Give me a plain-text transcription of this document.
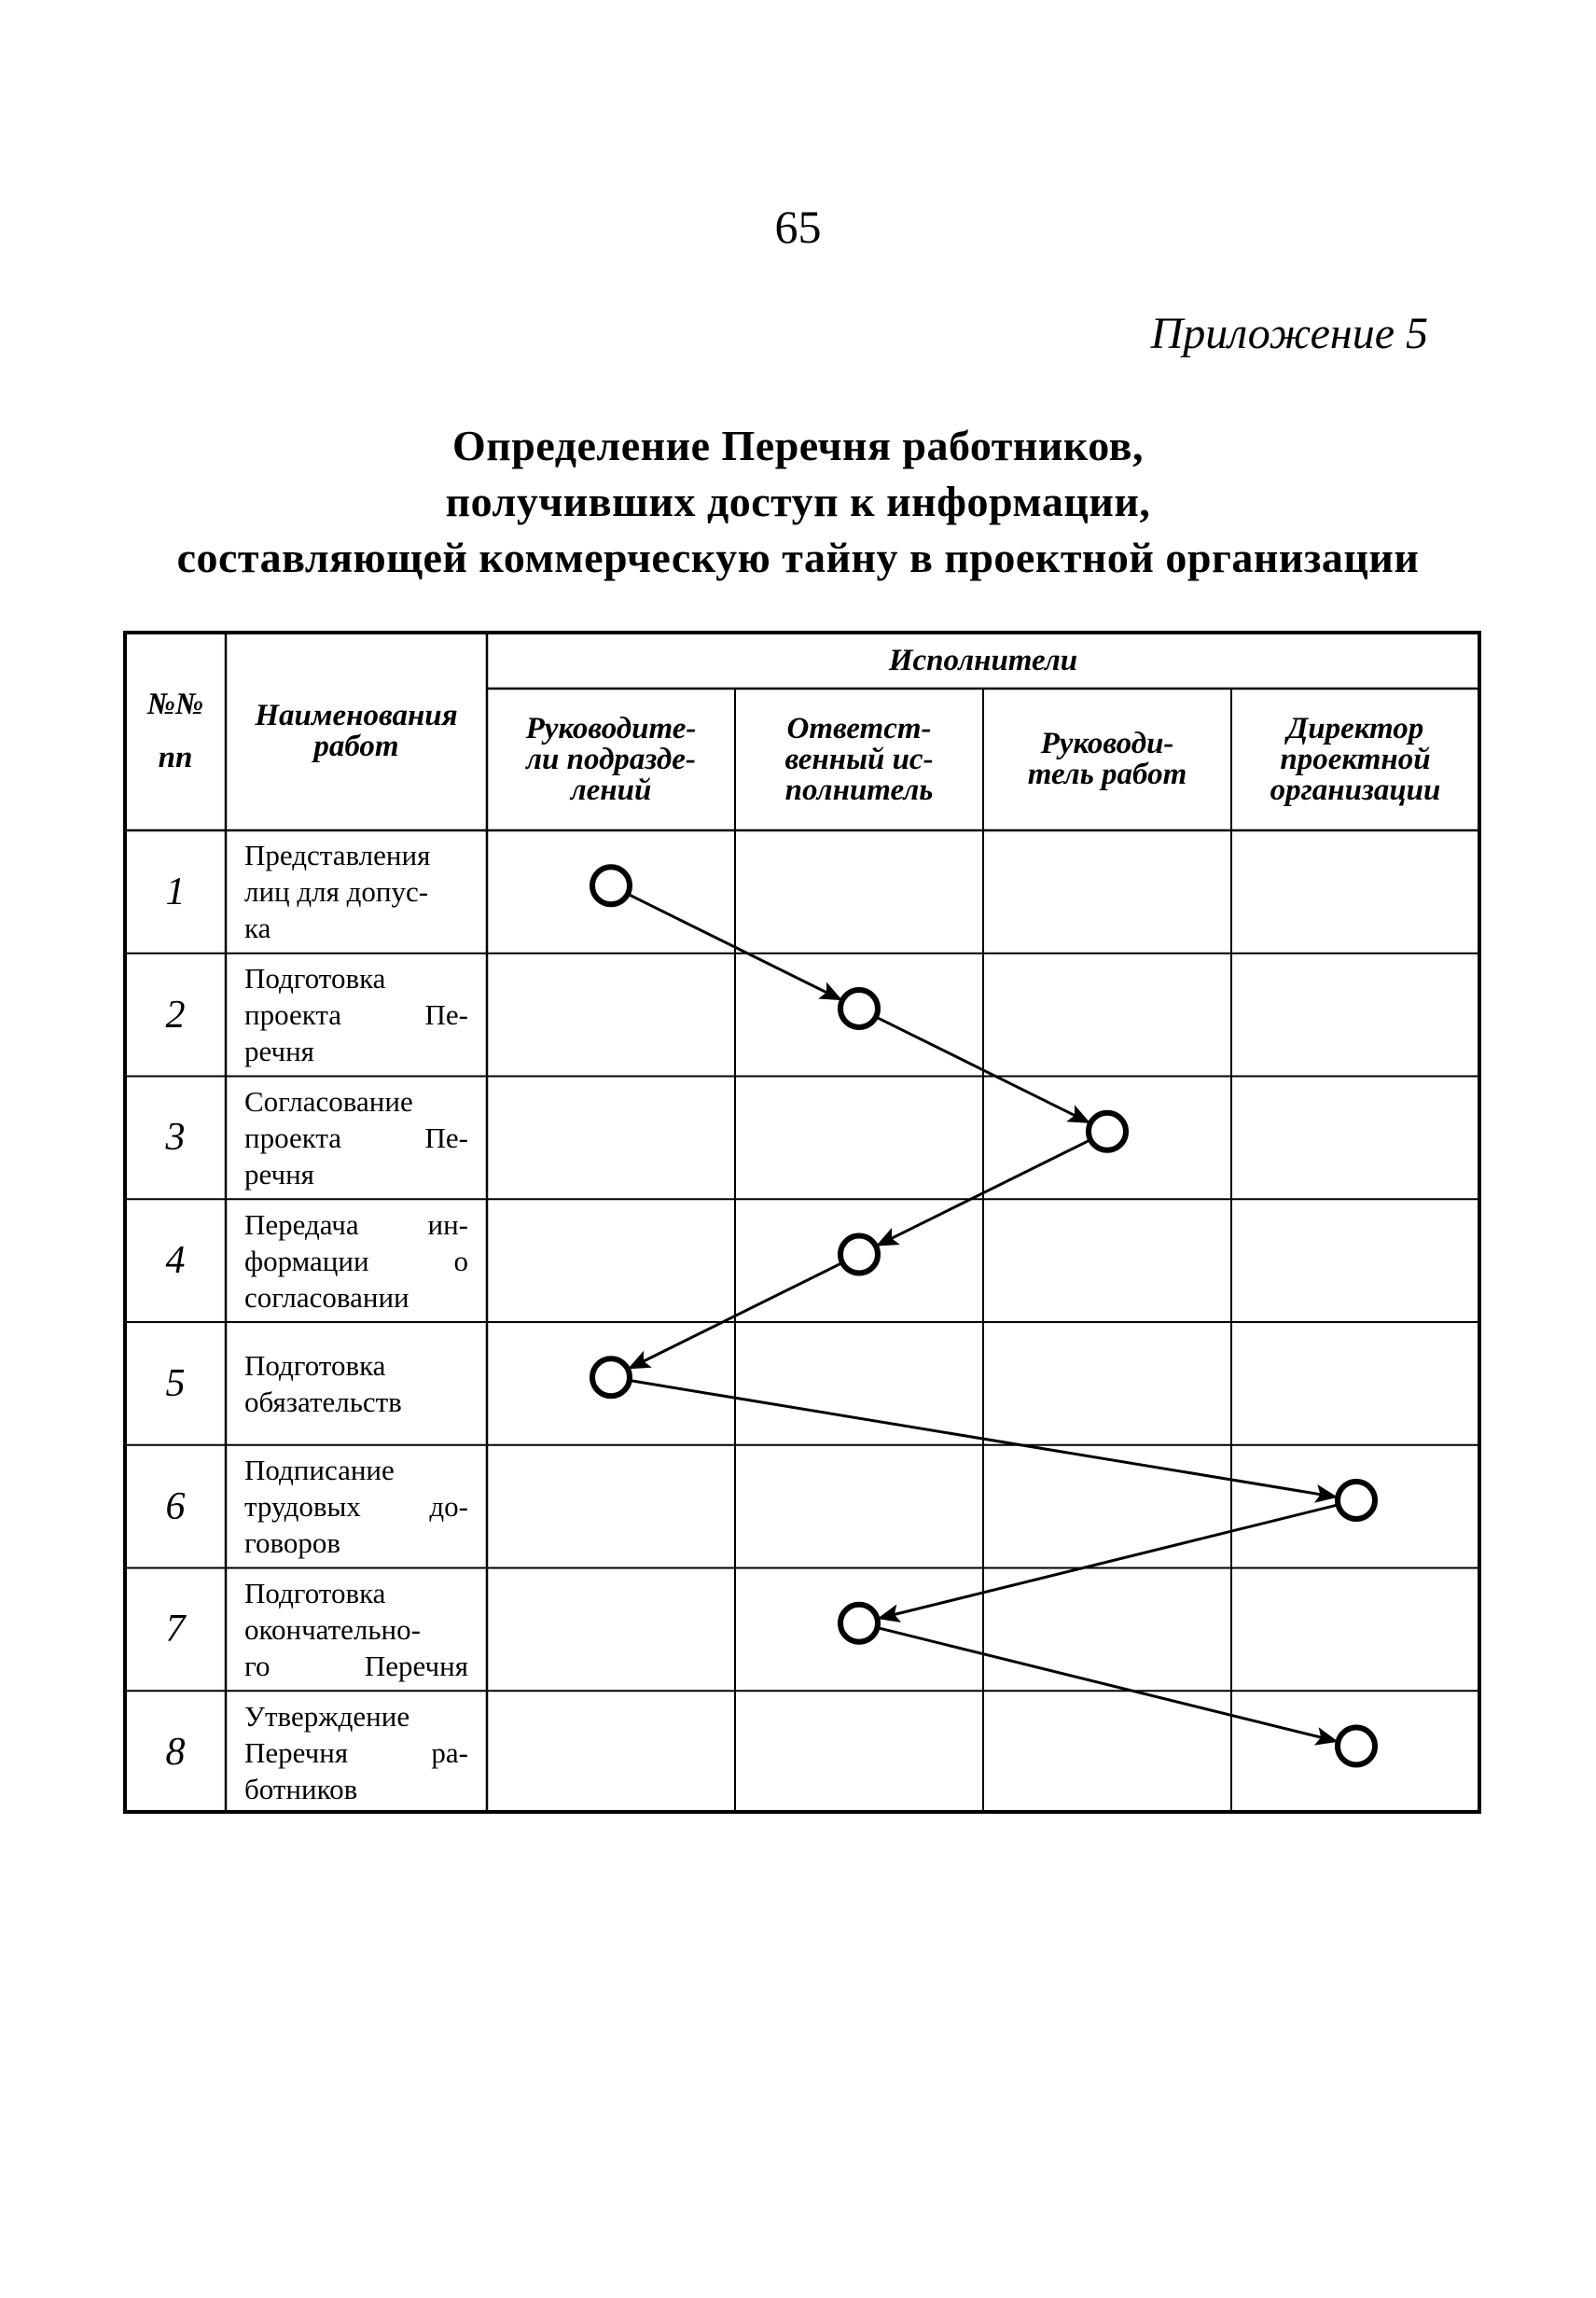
65
Приложение 5
Определение Перечня работников,
получивших доступ к информации,
составляющей коммерческую тайну в проектной организации
№№
пп
Наименования
работ
Исполнители
Руководите-
ли подразде-
лений
Ответст-
венный ис-
полнитель
Руководи-
тель работ
Директор
проектной
организации
1
Представления
лиц для допус-
ка
2
Подготовка
проекта Пе-
речня
3
Согласование
проекта Пе-
речня
4
Передача ин-
формации о
согласовании
5	Подготовка
обязательств
6
Подписание
трудовых до-
говоров
7
Подготовка
окончательно-
го Перечня
8
Утверждение
Перечня ра-
ботников
